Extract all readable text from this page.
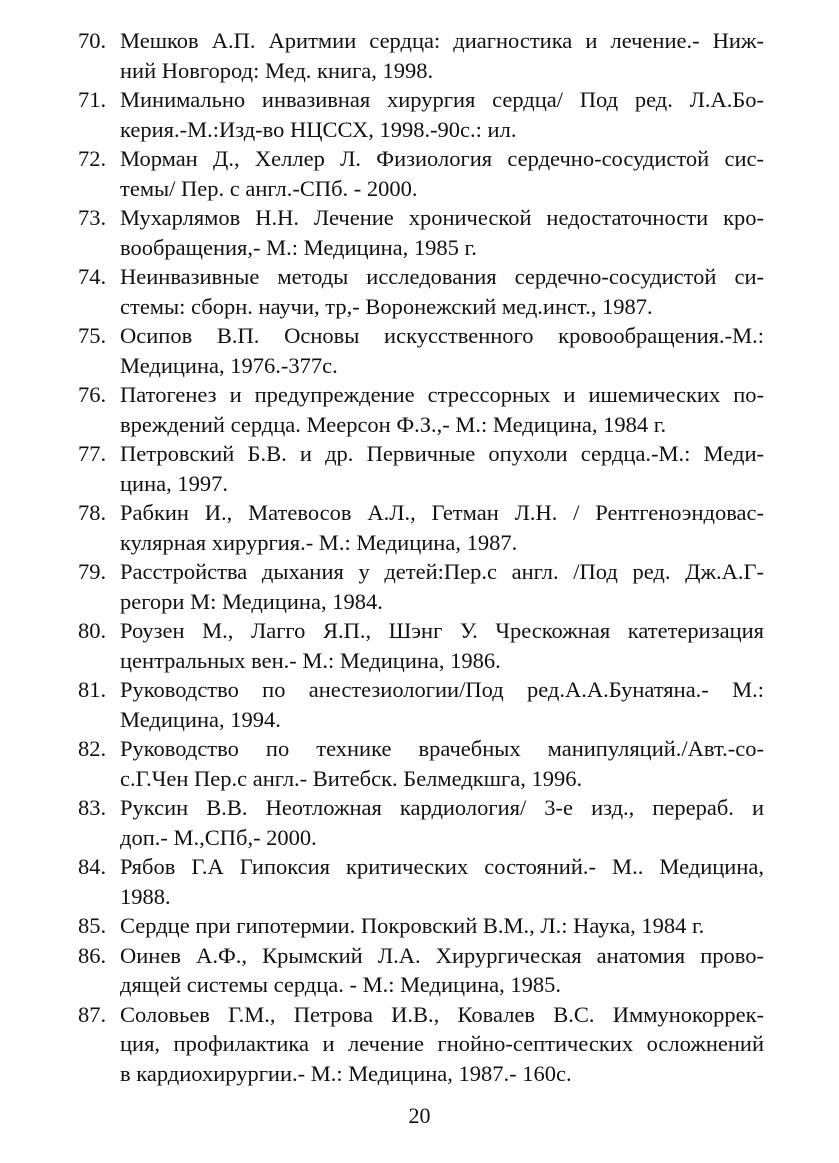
70. Мешков А.П. Аритмии сердца: диагностика и лечение.- Ниж-
ний Новгород: Мед. книга, 1998.
71. Минимально инвазивная хирургия сердца/ Под ред. Л.А.Бо-
керия.-М.:Изд-во НЦССХ, 1998.-90с.: ил.
72. Морман Д., Хеллер Л. Физиология сердечно-сосудистой сис-
темы/ Пер. с англ.-СПб. - 2000.
73. Мухарлямов Н.Н. Лечение хронической недостаточности кро-
вообращения,- М.: Медицина, 1985 г.
74. Неинвазивные методы исследования сердечно-сосудистой си-
стемы: сборн. научи, тр,- Воронежский мед.инст., 1987.
75. Осипов В.П. Основы искусственного кровообращения.-М.:
Медицина, 1976.-377с.
76. Патогенез и предупреждение стрессорных и ишемических по-
вреждений сердца. Меерсон Ф.З.,- М.: Медицина, 1984 г.
77. Петровский Б.В. и др. Первичные опухоли сердца.-М.: Меди-
цина, 1997.
78. Рабкин И., Матевосов А.Л., Гетман Л.Н. / Рентгеноэндовас-
кулярная хирургия.- М.: Медицина, 1987.
79. Расстройства дыхания у детей:Пер.с англ. /Под ред. Дж.А.Г-
регори М: Медицина, 1984.
80. Роузен М., Лагго Я.П., Шэнг У. Чрескожная катетеризация
центральных вен.- М.: Медицина, 1986.
81. Руководство по анестезиологии/Под ред.А.А.Бунатяна.- М.:
Медицина, 1994.
82. Руководство по технике врачебных манипуляций./Авт.-со-
с.Г.Чен Пер.с англ.- Витебск. Белмедкшга, 1996.
83. Руксин В.В. Неотложная кардиология/ 3-е изд., перераб. и
доп.- М.,СПб,- 2000.
84. Рябов Г.А Гипоксия критических состояний.- М.. Медицина,
1988.
85. Сердце при гипотермии. Покровский В.М., Л.: Наука, 1984 г.
86. Оинев А.Ф., Крымский Л.А. Хирургическая анатомия прово-
дящей системы сердца. - М.: Медицина, 1985.
87. Соловьев Г.М., Петрова И.В., Ковалев В.С. Иммунокоррек-
ция, профилактика и лечение гнойно-септических осложнений
в кардиохирургии.- М.: Медицина, 1987.- 160с.
20
